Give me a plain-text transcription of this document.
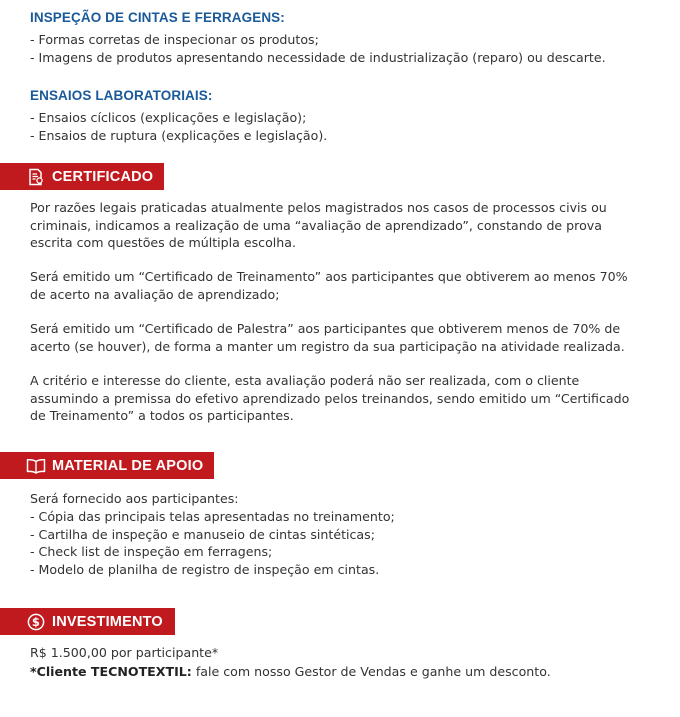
INSPEÇÃO DE CINTAS E FERRAGENS:
- Formas corretas de inspecionar os produtos;
- Imagens de produtos apresentando necessidade de industrialização (reparo) ou descarte.
ENSAIOS LABORATORIAIS:
- Ensaios cíclicos (explicações e legislação);
- Ensaios de ruptura (explicações e legislação).
CERTIFICADO

Por razões legais praticadas atualmente pelos magistrados nos casos de processos civis ou
criminais, indicamos a realização de uma “avaliação de aprendizado”, constando de prova
escrita com questões de múltipla escolha.

Será emitido um “Certificado de Treinamento” aos participantes que obtiverem ao menos 70%
de acerto na avaliação de aprendizado;

Será emitido um “Certificado de Palestra” aos participantes que obtiverem menos de 70% de
acerto (se houver), de forma a manter um registro da sua participação na atividade realizada.

A critério e interesse do cliente, esta avaliação poderá não ser realizada, com o cliente
assumindo a premissa do efetivo aprendizado pelos treinandos, sendo emitido um “Certificado
de Treinamento” a todos os participantes.

MATERIAL DE APOIO

Será fornecido aos participantes:

- Cópia das principais telas apresentadas no treinamento;
- Cartilha de inspeção e manuseio de cintas sintéticas;
- Check list de inspeção em ferragens;
- Modelo de planilha de registro de inspeção em cintas.
$ INVESTIMENTO

R$ 1.500,00 por participante*

*Cliente TECNOTEXTIL: fale com nosso Gestor de Vendas e ganhe um desconto.
